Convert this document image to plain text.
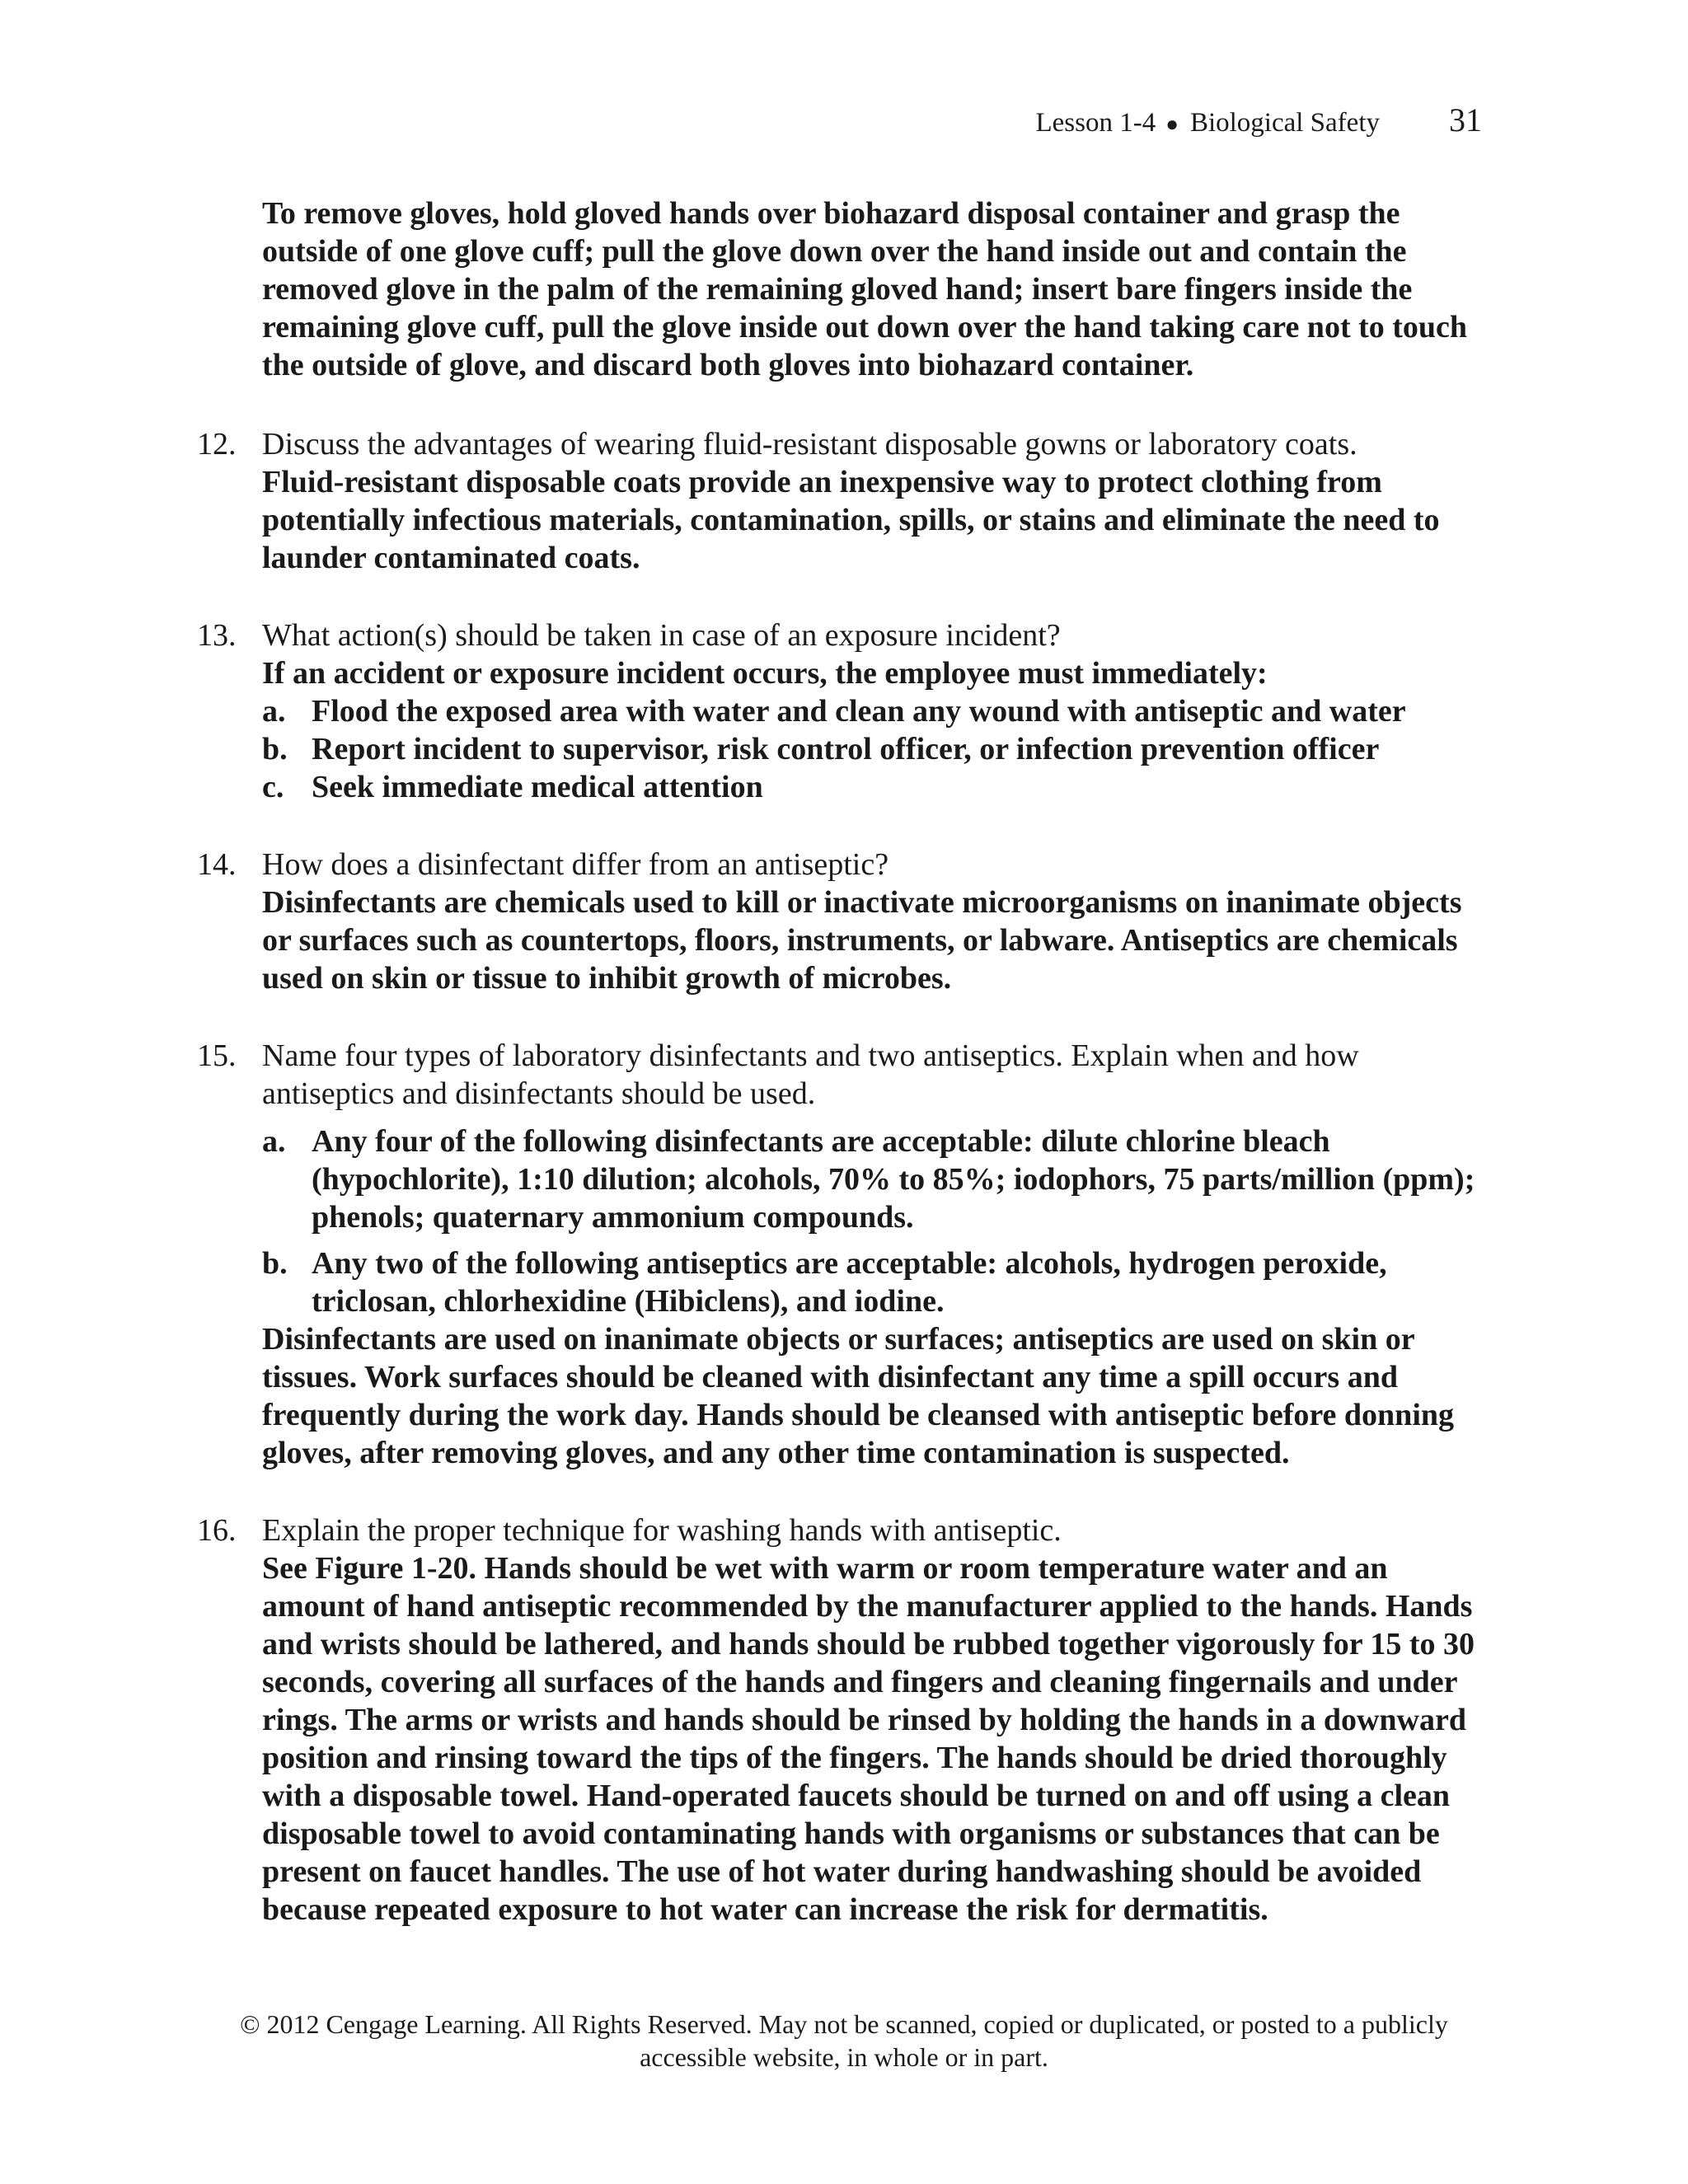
Lesson 1-4 ● Biological Safety 31

To remove gloves, hold gloved hands over biohazard disposal container and grasp the outside of one glove cuff; pull the glove down over the hand inside out and contain the removed glove in the palm of the remaining gloved hand; insert bare fingers inside the remaining glove cuff, pull the glove inside out down over the hand taking care not to touch the outside of glove, and discard both gloves into biohazard container.

12. Discuss the advantages of wearing fluid-resistant disposable gowns or laboratory coats.

Fluid-resistant disposable coats provide an inexpensive way to protect clothing from potentially infectious materials, contamination, spills, or stains and eliminate the need to launder contaminated coats.

13. What action(s) should be taken in case of an exposure incident?

If an accident or exposure incident occurs, the employee must immediately:

a. Flood the exposed area with water and clean any wound with antiseptic and water
b. Report incident to supervisor, risk control officer, or infection prevention officer
c. Seek immediate medical attention
14. How does a disinfectant differ from an antiseptic?

Disinfectants are chemicals used to kill or inactivate microorganisms on inanimate objects or surfaces such as countertops, floors, instruments, or labware. Antiseptics are chemicals used on skin or tissue to inhibit growth of microbes.

15. Name four types of laboratory disinfectants and two antiseptics. Explain when and how antiseptics and disinfectants should be used.

a. Any four of the following disinfectants are acceptable: dilute chlorine bleach (hypochlorite), 1:10 dilution; alcohols, 70% to 85%; iodophors, 75 parts/million (ppm); phenols; quaternary ammonium compounds.
b. Any two of the following antiseptics are acceptable: alcohols, hydrogen peroxide, triclosan, chlorhexidine (Hibiclens), and iodine.

Disinfectants are used on inanimate objects or surfaces; antiseptics are used on skin or tissues. Work surfaces should be cleaned with disinfectant any time a spill occurs and frequently during the work day. Hands should be cleansed with antiseptic before donning gloves, after removing gloves, and any other time contamination is suspected.

16. Explain the proper technique for washing hands with antiseptic.

See Figure 1-20. Hands should be wet with warm or room temperature water and an amount of hand antiseptic recommended by the manufacturer applied to the hands. Hands and wrists should be lathered, and hands should be rubbed together vigorously for 15 to 30 seconds, covering all surfaces of the hands and fingers and cleaning fingernails and under rings. The arms or wrists and hands should be rinsed by holding the hands in a downward position and rinsing toward the tips of the fingers. The hands should be dried thoroughly with a disposable towel. Hand-operated faucets should be turned on and off using a clean disposable towel to avoid contaminating hands with organisms or substances that can be present on faucet handles. The use of hot water during handwashing should be avoided because repeated exposure to hot water can increase the risk for dermatitis.

© 2012 Cengage Learning. All Rights Reserved. May not be scanned, copied or duplicated, or posted to a publicly
accessible website, in whole or in part.
